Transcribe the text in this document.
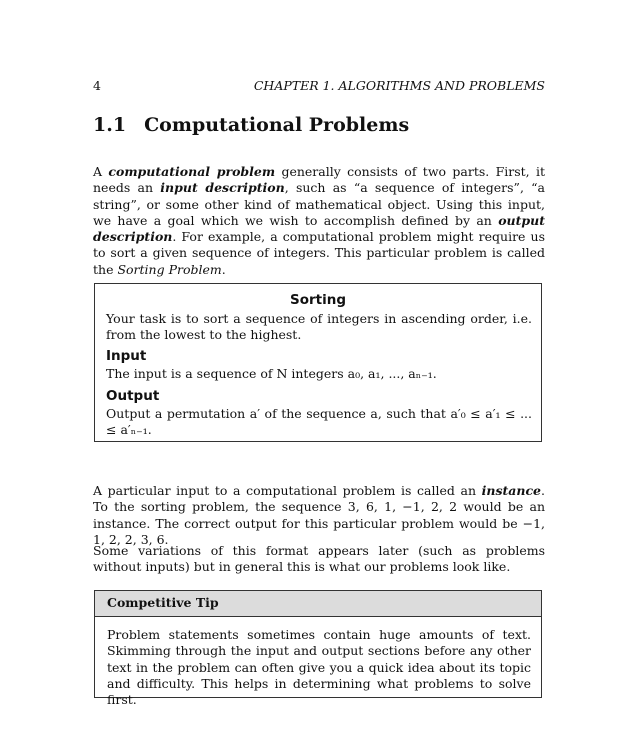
4	CHAPTER 1. ALGORITHMS AND PROBLEMS
1.1 Computational Problems

A computational problem generally consists of two parts. First, it needs an input description, such as “a sequence of integers”, “a string”, or some other kind of mathematical object. Using this input, we have a goal which we wish to accomplish defined by an output description. For example, a computational problem might require us to sort a given sequence of integers. This particular problem is called the Sorting Problem.

Sorting
Your task is to sort a sequence of integers in ascending order, i.e. from the lowest to the highest.
Input
The input is a sequence of N integers a₀, a₁, ..., aₙ₋₁.
Output
Output a permutation a′ of the sequence a, such that a′₀ ≤ a′₁ ≤ ... ≤ a′ₙ₋₁.

A particular input to a computational problem is called an instance. To the sorting problem, the sequence 3, 6, 1, −1, 2, 2 would be an instance. The correct output for this particular problem would be −1, 1, 2, 2, 3, 6.

Some variations of this format appears later (such as problems without inputs) but in general this is what our problems look like.
Competitive Tip
Problem statements sometimes contain huge amounts of text. Skimming through the input and output sections before any other text in the problem can often give you a quick idea about its topic and difficulty. This helps in determining what problems to solve first.
